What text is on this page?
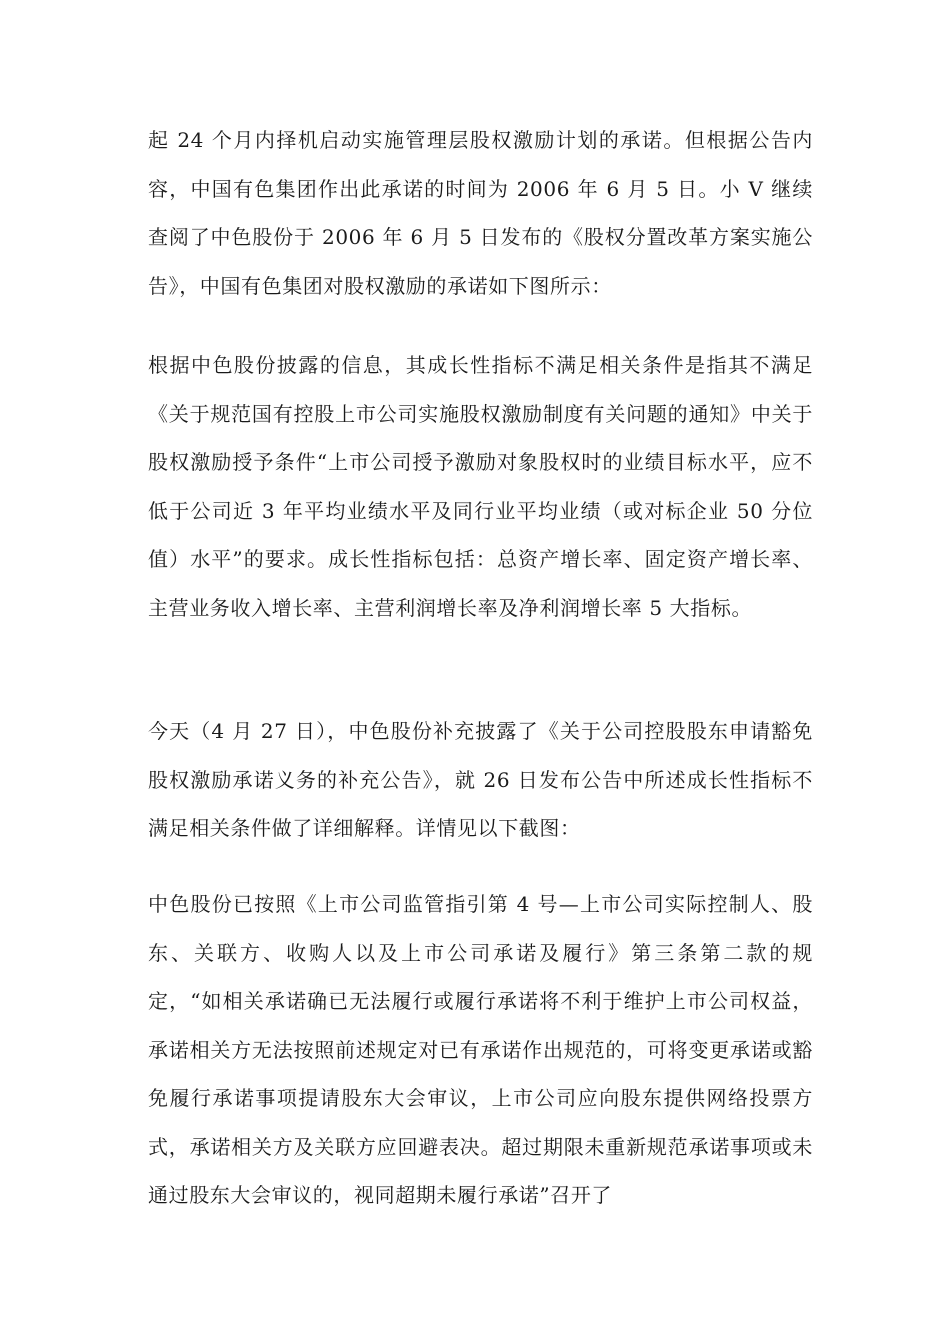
起 24 个月内择机启动实施管理层股权激励计划的承诺。但根据公告内容，中国有色集团作出此承诺的时间为 2006 年 6 月 5 日。小 V 继续查阅了中色股份于 2006 年 6 月 5 日发布的《股权分置改革方案实施公告》，中国有色集团对股权激励的承诺如下图所示：

根据中色股份披露的信息，其成长性指标不满足相关条件是指其不满足《关于规范国有控股上市公司实施股权激励制度有关问题的通知》中关于股权激励授予条件“上市公司授予激励对象股权时的业绩目标水平，应不低于公司近 3 年平均业绩水平及同行业平均业绩（或对标企业 50 分位值）水平”的要求。成长性指标包括：总资产增长率、固定资产增长率、主营业务收入增长率、主营利润增长率及净利润增长率 5 大指标。

今天（4 月 27 日），中色股份补充披露了《关于公司控股股东申请豁免股权激励承诺义务的补充公告》，就 26 日发布公告中所述成长性指标不满足相关条件做了详细解释。详情见以下截图：

中色股份已按照《上市公司监管指引第 4 号—上市公司实际控制人、股东、关联方、收购人以及上市公司承诺及履行》第三条第二款的规定，“如相关承诺确已无法履行或履行承诺将不利于维护上市公司权益，承诺相关方无法按照前述规定对已有承诺作出规范的，可将变更承诺或豁免履行承诺事项提请股东大会审议，上市公司应向股东提供网络投票方式，承诺相关方及关联方应回避表决。超过期限未重新规范承诺事项或未通过股东大会审议的，视同超期未履行承诺”召开了
